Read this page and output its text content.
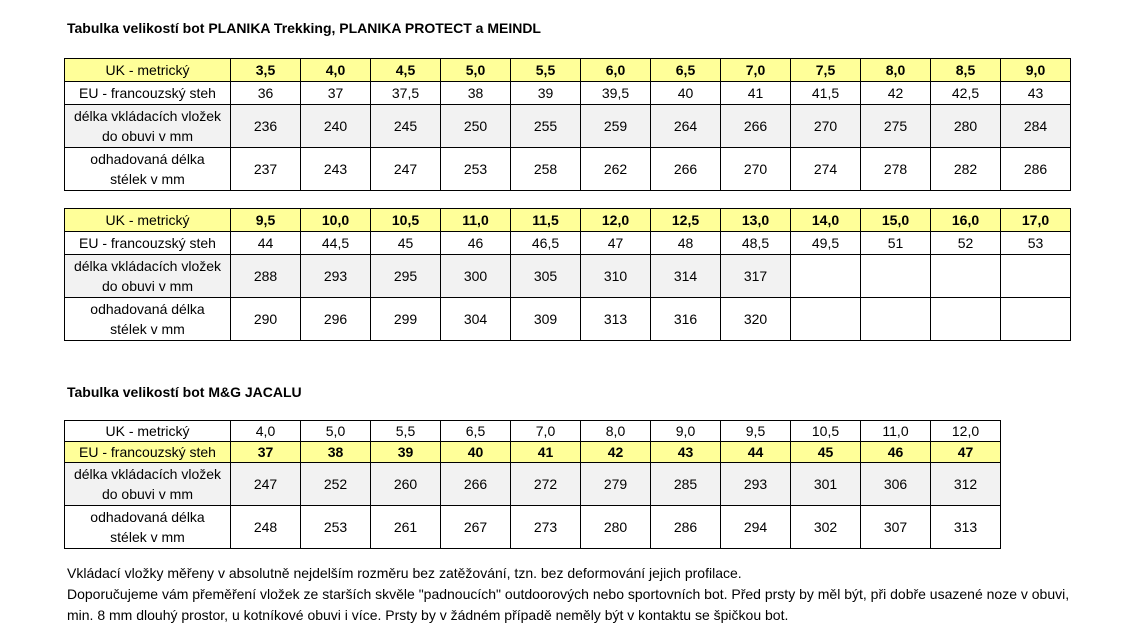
Tabulka velikostí bot PLANIKA Trekking, PLANIKA PROTECT a MEINDL
UK - metrický	3,5	4,0	4,5	5,0	5,5	6,0	6,5	7,0	7,5	8,0	8,5	9,0

EU - francouzský steh	36	37	37,5	38	39	39,5	40	41	41,5	42	42,5	43

délka vkládacích vložek
do obuvi v mm	236	240	245	250	255	259	264	266	270	275	280	284

odhadovaná délka
stélek v mm	237	243	247	253	258	262	266	270	274	278	282	286
UK - metrický	9,5	10,0	10,5	11,0	11,5	12,0	12,5	13,0	14,0	15,0	16,0	17,0

EU - francouzský steh	44	44,5	45	46	46,5	47	48	48,5	49,5	51	52	53

délka vkládacích vložek
do obuvi v mm	288	293	295	300	305	310	314	317				

odhadovaná délka
stélek v mm	290	296	299	304	309	313	316	320				
Tabulka velikostí bot M&G JACALU
UK - metrický	4,0	5,0	5,5	6,5	7,0	8,0	9,0	9,5	10,5	11,0	12,0

EU - francouzský steh	37	38	39	40	41	42	43	44	45	46	47

délka vkládacích vložek
do obuvi v mm	247	252	260	266	272	279	285	293	301	306	312

odhadovaná délka
stélek v mm	248	253	261	267	273	280	286	294	302	307	313
Vkládací vložky měřeny v absolutně nejdelším rozměru bez zatěžování, tzn. bez deformování jejich profilace.
Doporučujeme vám přeměření vložek ze starších skvěle "padnoucích" outdoorových nebo sportovních bot. Před prsty by měl být, při dobře usazené noze v obuvi,
min. 8 mm dlouhý prostor, u kotníkové obuvi i více. Prsty by v žádném případě neměly být v kontaktu se špičkou bot.
